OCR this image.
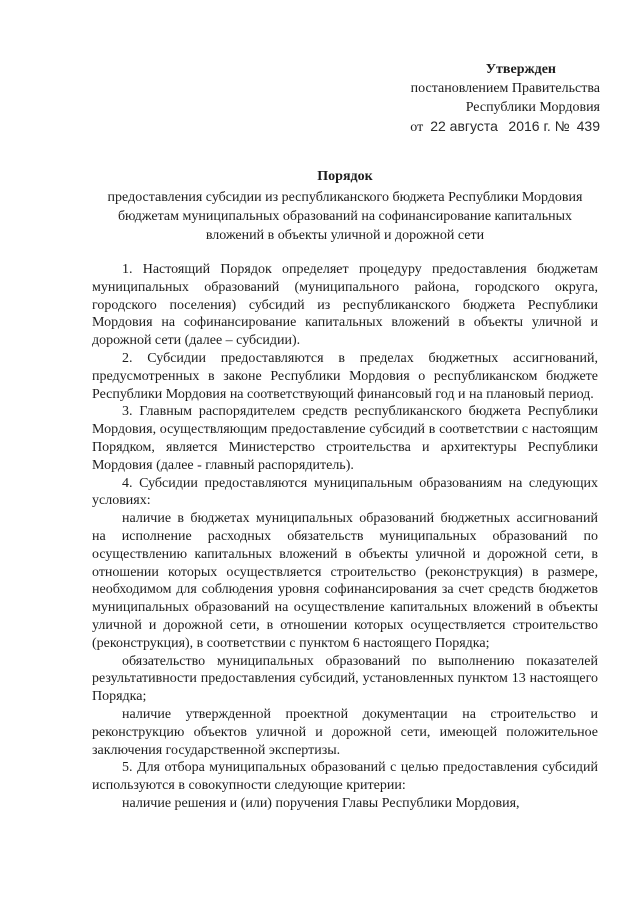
Утвержден
постановлением Правительства
Республики Мордовия
от 22 августа 2016 г. № 439
Порядок
предоставления субсидии из республиканского бюджета Республики Мордовия бюджетам муниципальных образований на софинансирование капитальных вложений в объекты уличной и дорожной сети

1. Настоящий Порядок определяет процедуру предоставления бюджетам муниципальных образований (муниципального района, городского округа, городского поселения) субсидий из республиканского бюджета Республики Мордовия на софинансирование капитальных вложений в объекты уличной и дорожной сети (далее – субсидии).

2. Субсидии предоставляются в пределах бюджетных ассигнований, предусмотренных в законе Республики Мордовия о республиканском бюджете Республики Мордовия на соответствующий финансовый год и на плановый период.

3. Главным распорядителем средств республиканского бюджета Республики Мордовия, осуществляющим предоставление субсидий в соответствии с настоящим Порядком, является Министерство строительства и архитектуры Республики Мордовия (далее - главный распорядитель).

4. Субсидии предоставляются муниципальным образованиям на следующих условиях:

наличие в бюджетах муниципальных образований бюджетных ассигнований на исполнение расходных обязательств муниципальных образований по осуществлению капитальных вложений в объекты уличной и дорожной сети, в отношении которых осуществляется строительство (реконструкция) в размере, необходимом для соблюдения уровня софинансирования за счет средств бюджетов муниципальных образований на осуществление капитальных вложений в объекты уличной и дорожной сети, в отношении которых осуществляется строительство (реконструкция), в соответствии с пунктом 6 настоящего Порядка;

обязательство муниципальных образований по выполнению показателей результативности предоставления субсидий, установленных пунктом 13 настоящего Порядка;

наличие утвержденной проектной документации на строительство и реконструкцию объектов уличной и дорожной сети, имеющей положительное заключения государственной экспертизы.

5. Для отбора муниципальных образований с целью предоставления субсидий используются в совокупности следующие критерии:

наличие решения и (или) поручения Главы Республики Мордовия,
